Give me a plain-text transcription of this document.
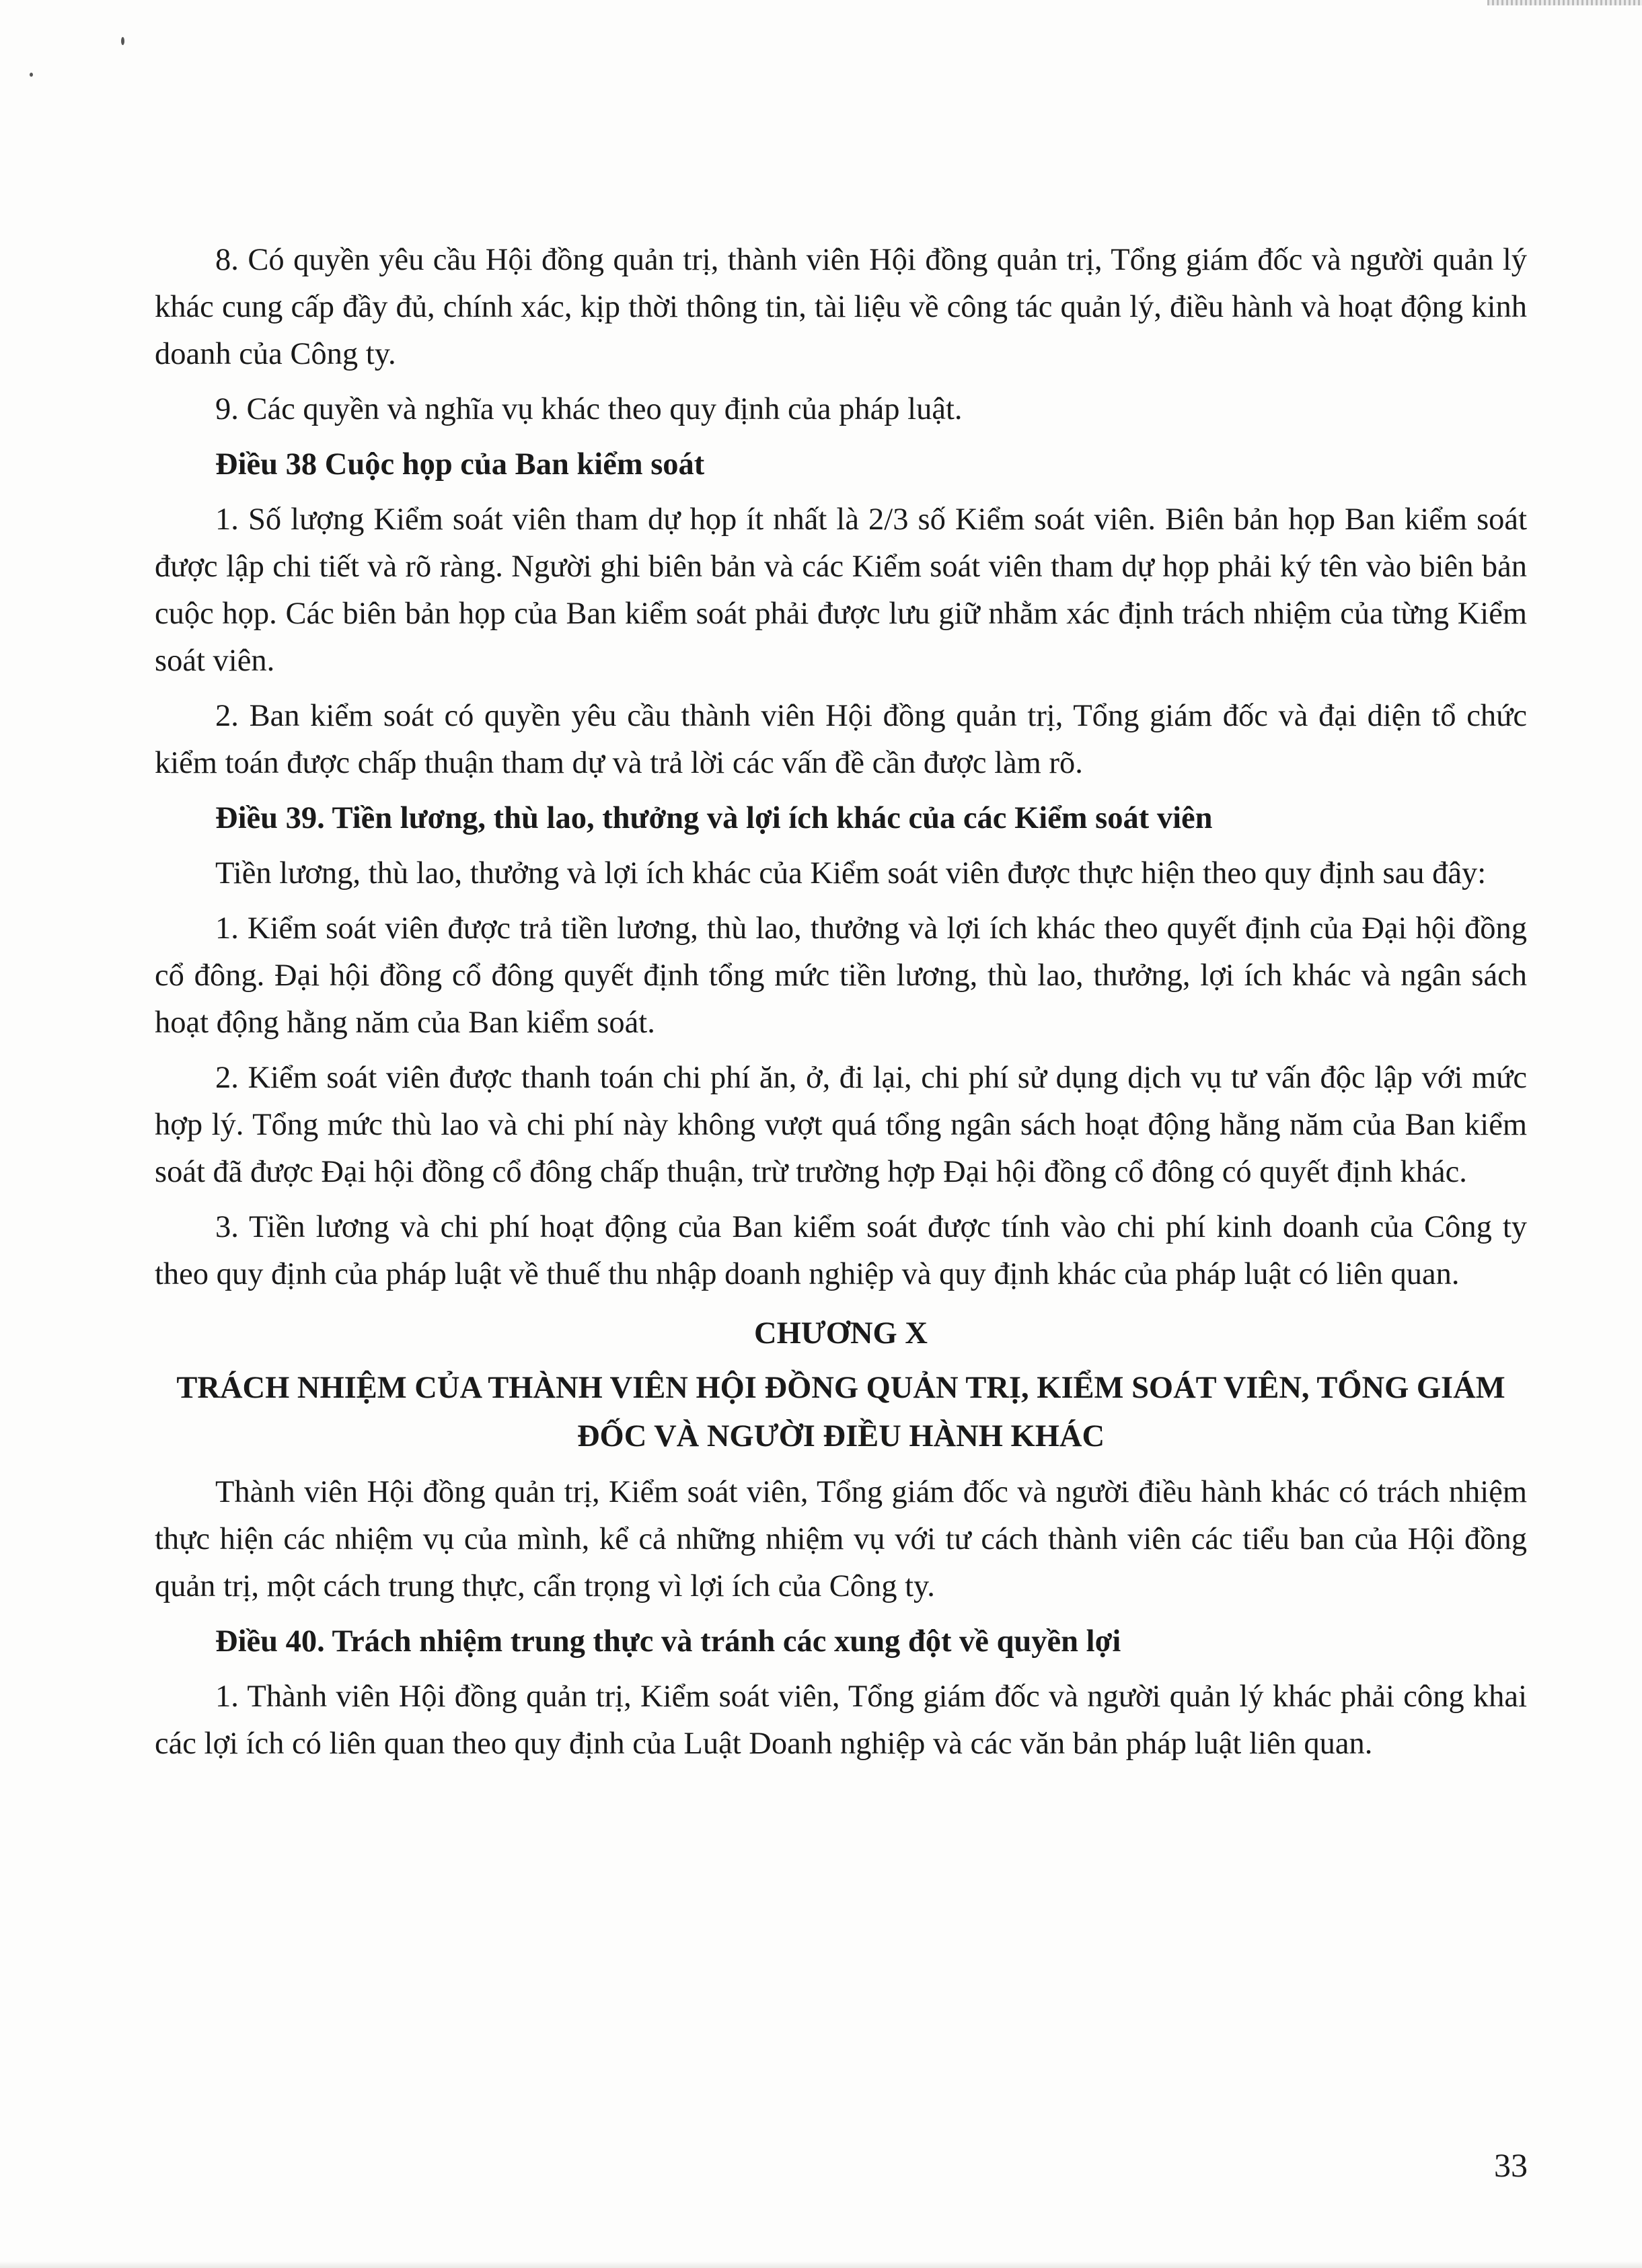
8. Có quyền yêu cầu Hội đồng quản trị, thành viên Hội đồng quản trị, Tổng giám đốc và người quản lý khác cung cấp đầy đủ, chính xác, kịp thời thông tin, tài liệu về công tác quản lý, điều hành và hoạt động kinh doanh của Công ty.

9. Các quyền và nghĩa vụ khác theo quy định của pháp luật.

Điều 38 Cuộc họp của Ban kiểm soát

1. Số lượng Kiểm soát viên tham dự họp ít nhất là 2/3 số Kiểm soát viên. Biên bản họp Ban kiểm soát được lập chi tiết và rõ ràng. Người ghi biên bản và các Kiểm soát viên tham dự họp phải ký tên vào biên bản cuộc họp. Các biên bản họp của Ban kiểm soát phải được lưu giữ nhằm xác định trách nhiệm của từng Kiểm soát viên.

2. Ban kiểm soát có quyền yêu cầu thành viên Hội đồng quản trị, Tổng giám đốc và đại diện tổ chức kiểm toán được chấp thuận tham dự và trả lời các vấn đề cần được làm rõ.

Điều 39. Tiền lương, thù lao, thưởng và lợi ích khác của các Kiểm soát viên

Tiền lương, thù lao, thưởng và lợi ích khác của Kiểm soát viên được thực hiện theo quy định sau đây:

1. Kiểm soát viên được trả tiền lương, thù lao, thưởng và lợi ích khác theo quyết định của Đại hội đồng cổ đông. Đại hội đồng cổ đông quyết định tổng mức tiền lương, thù lao, thưởng, lợi ích khác và ngân sách hoạt động hằng năm của Ban kiểm soát.

2. Kiểm soát viên được thanh toán chi phí ăn, ở, đi lại, chi phí sử dụng dịch vụ tư vấn độc lập với mức hợp lý. Tổng mức thù lao và chi phí này không vượt quá tổng ngân sách hoạt động hằng năm của Ban kiểm soát đã được Đại hội đồng cổ đông chấp thuận, trừ trường hợp Đại hội đồng cổ đông có quyết định khác.

3. Tiền lương và chi phí hoạt động của Ban kiểm soát được tính vào chi phí kinh doanh của Công ty theo quy định của pháp luật về thuế thu nhập doanh nghiệp và quy định khác của pháp luật có liên quan.

CHƯƠNG X

TRÁCH NHIỆM CỦA THÀNH VIÊN HỘI ĐỒNG QUẢN TRỊ, KIỂM SOÁT VIÊN, TỔNG GIÁM ĐỐC VÀ NGƯỜI ĐIỀU HÀNH KHÁC

Thành viên Hội đồng quản trị, Kiểm soát viên, Tổng giám đốc và người điều hành khác có trách nhiệm thực hiện các nhiệm vụ của mình, kể cả những nhiệm vụ với tư cách thành viên các tiểu ban của Hội đồng quản trị, một cách trung thực, cẩn trọng vì lợi ích của Công ty.

Điều 40. Trách nhiệm trung thực và tránh các xung đột về quyền lợi

1. Thành viên Hội đồng quản trị, Kiểm soát viên, Tổng giám đốc và người quản lý khác phải công khai các lợi ích có liên quan theo quy định của Luật Doanh nghiệp và các văn bản pháp luật liên quan.

33
